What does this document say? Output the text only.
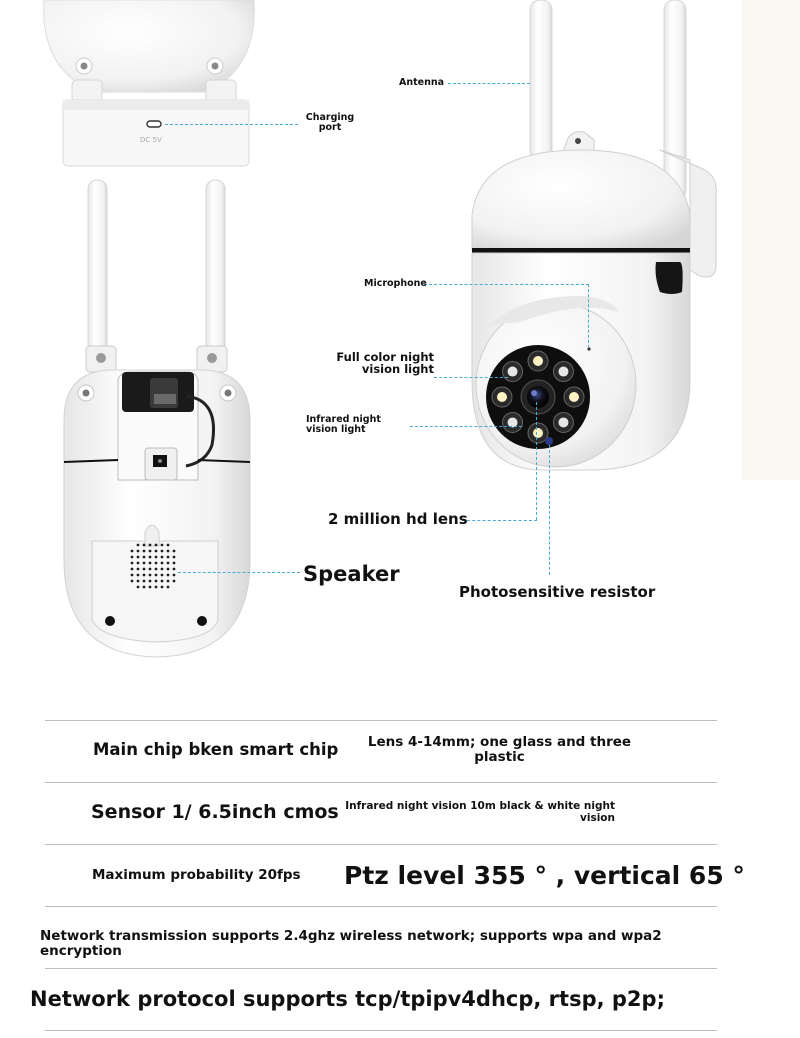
DC 5V
Charging
port
Antenna
Microphone
Full color night
vision light
Infrared night
vision light
2 million hd lens
Speaker
Photosensitive resistor
Main chip bken smart chip	Lens 4-14mm; one glass and three
plastic
Sensor 1/ 6.5inch cmos Infrared night vision 10m black & white night
vision
Maximum probability 20fps Ptz level 355 ° , vertical 65 °
Network transmission supports 2.4ghz wireless network; supports wpa and wpa2 encryption
Network protocol supports tcp/tpipv4dhcp, rtsp, p2p;
